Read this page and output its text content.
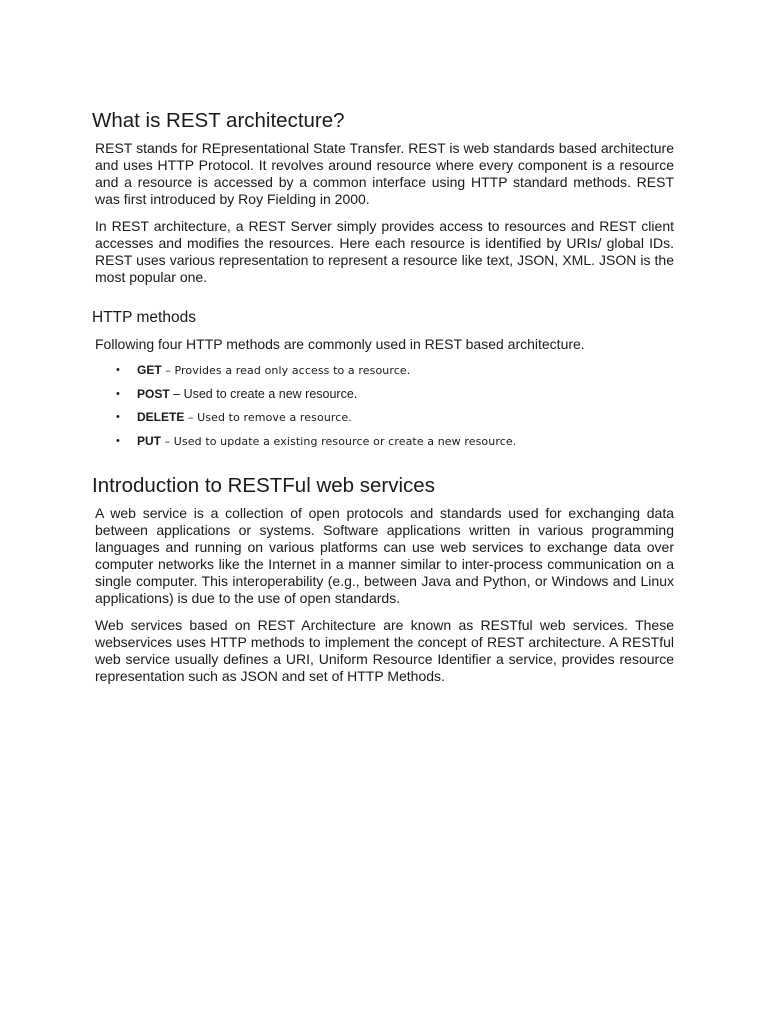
What is REST architecture?

REST stands for REpresentational State Transfer. REST is web standards based architecture and uses HTTP Protocol. It revolves around resource where every component is a resource and a resource is accessed by a common interface using HTTP standard methods. REST was first introduced by Roy Fielding in 2000.

In REST architecture, a REST Server simply provides access to resources and REST client accesses and modifies the resources. Here each resource is identified by URIs/ global IDs. REST uses various representation to represent a resource like text, JSON, XML. JSON is the most popular one.

HTTP methods

Following four HTTP methods are commonly used in REST based architecture.

• GET – Provides a read only access to a resource.
• POST – Used to create a new resource.
• DELETE – Used to remove a resource.
• PUT – Used to update a existing resource or create a new resource.
Introduction to RESTFul web services

A web service is a collection of open protocols and standards used for exchanging data between applications or systems. Software applications written in various programming languages and running on various platforms can use web services to exchange data over computer networks like the Internet in a manner similar to inter-process communication on a single computer. This interoperability (e.g., between Java and Python, or Windows and Linux applications) is due to the use of open standards.

Web services based on REST Architecture are known as RESTful web services. These webservices uses HTTP methods to implement the concept of REST architecture. A RESTful web service usually defines a URI, Uniform Resource Identifier a service, provides resource representation such as JSON and set of HTTP Methods.
